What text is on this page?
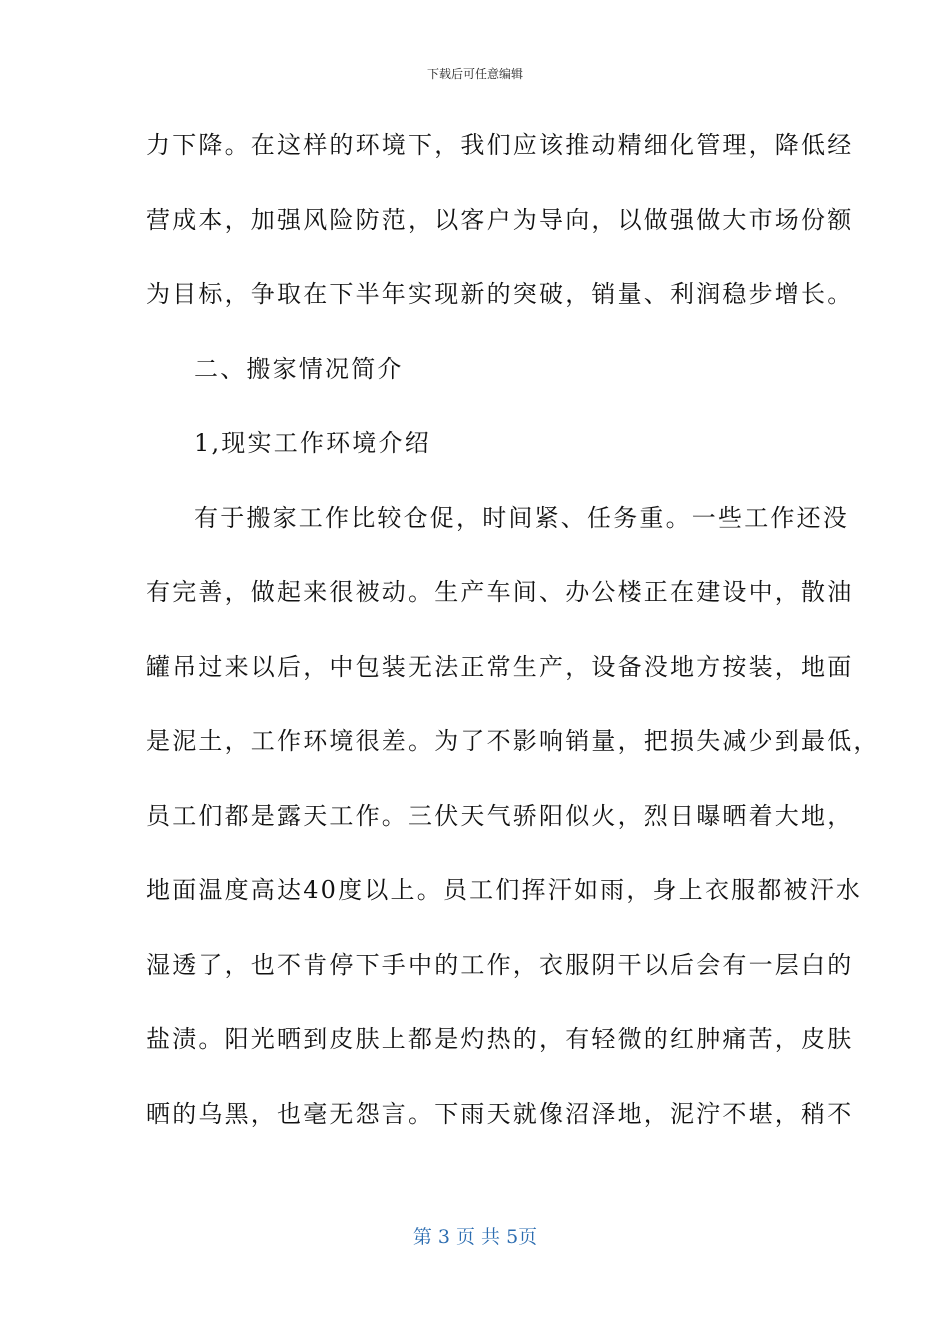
下载后可任意编辑
力下降。在这样的环境下，我们应该推动精细化管理，降低经
营成本，加强风险防范，以客户为导向，以做强做大市场份额
为目标，争取在下半年实现新的突破，销量、利润稳步增长。
二、搬家情况简介
1,现实工作环境介绍
有于搬家工作比较仓促，时间紧、任务重。一些工作还没
有完善，做起来很被动。生产车间、办公楼正在建设中，散油
罐吊过来以后，中包装无法正常生产，设备没地方按装，地面
是泥土，工作环境很差。为了不影响销量，把损失减少到最低，
员工们都是露天工作。三伏天气骄阳似火，烈日曝晒着大地，
地面温度高达40度以上。员工们挥汗如雨，身上衣服都被汗水
湿透了，也不肯停下手中的工作，衣服阴干以后会有一层白的
盐渍。阳光晒到皮肤上都是灼热的，有轻微的红肿痛苦，皮肤
晒的乌黑，也毫无怨言。下雨天就像沼泽地，泥泞不堪，稍不
第 3 页 共 5页
